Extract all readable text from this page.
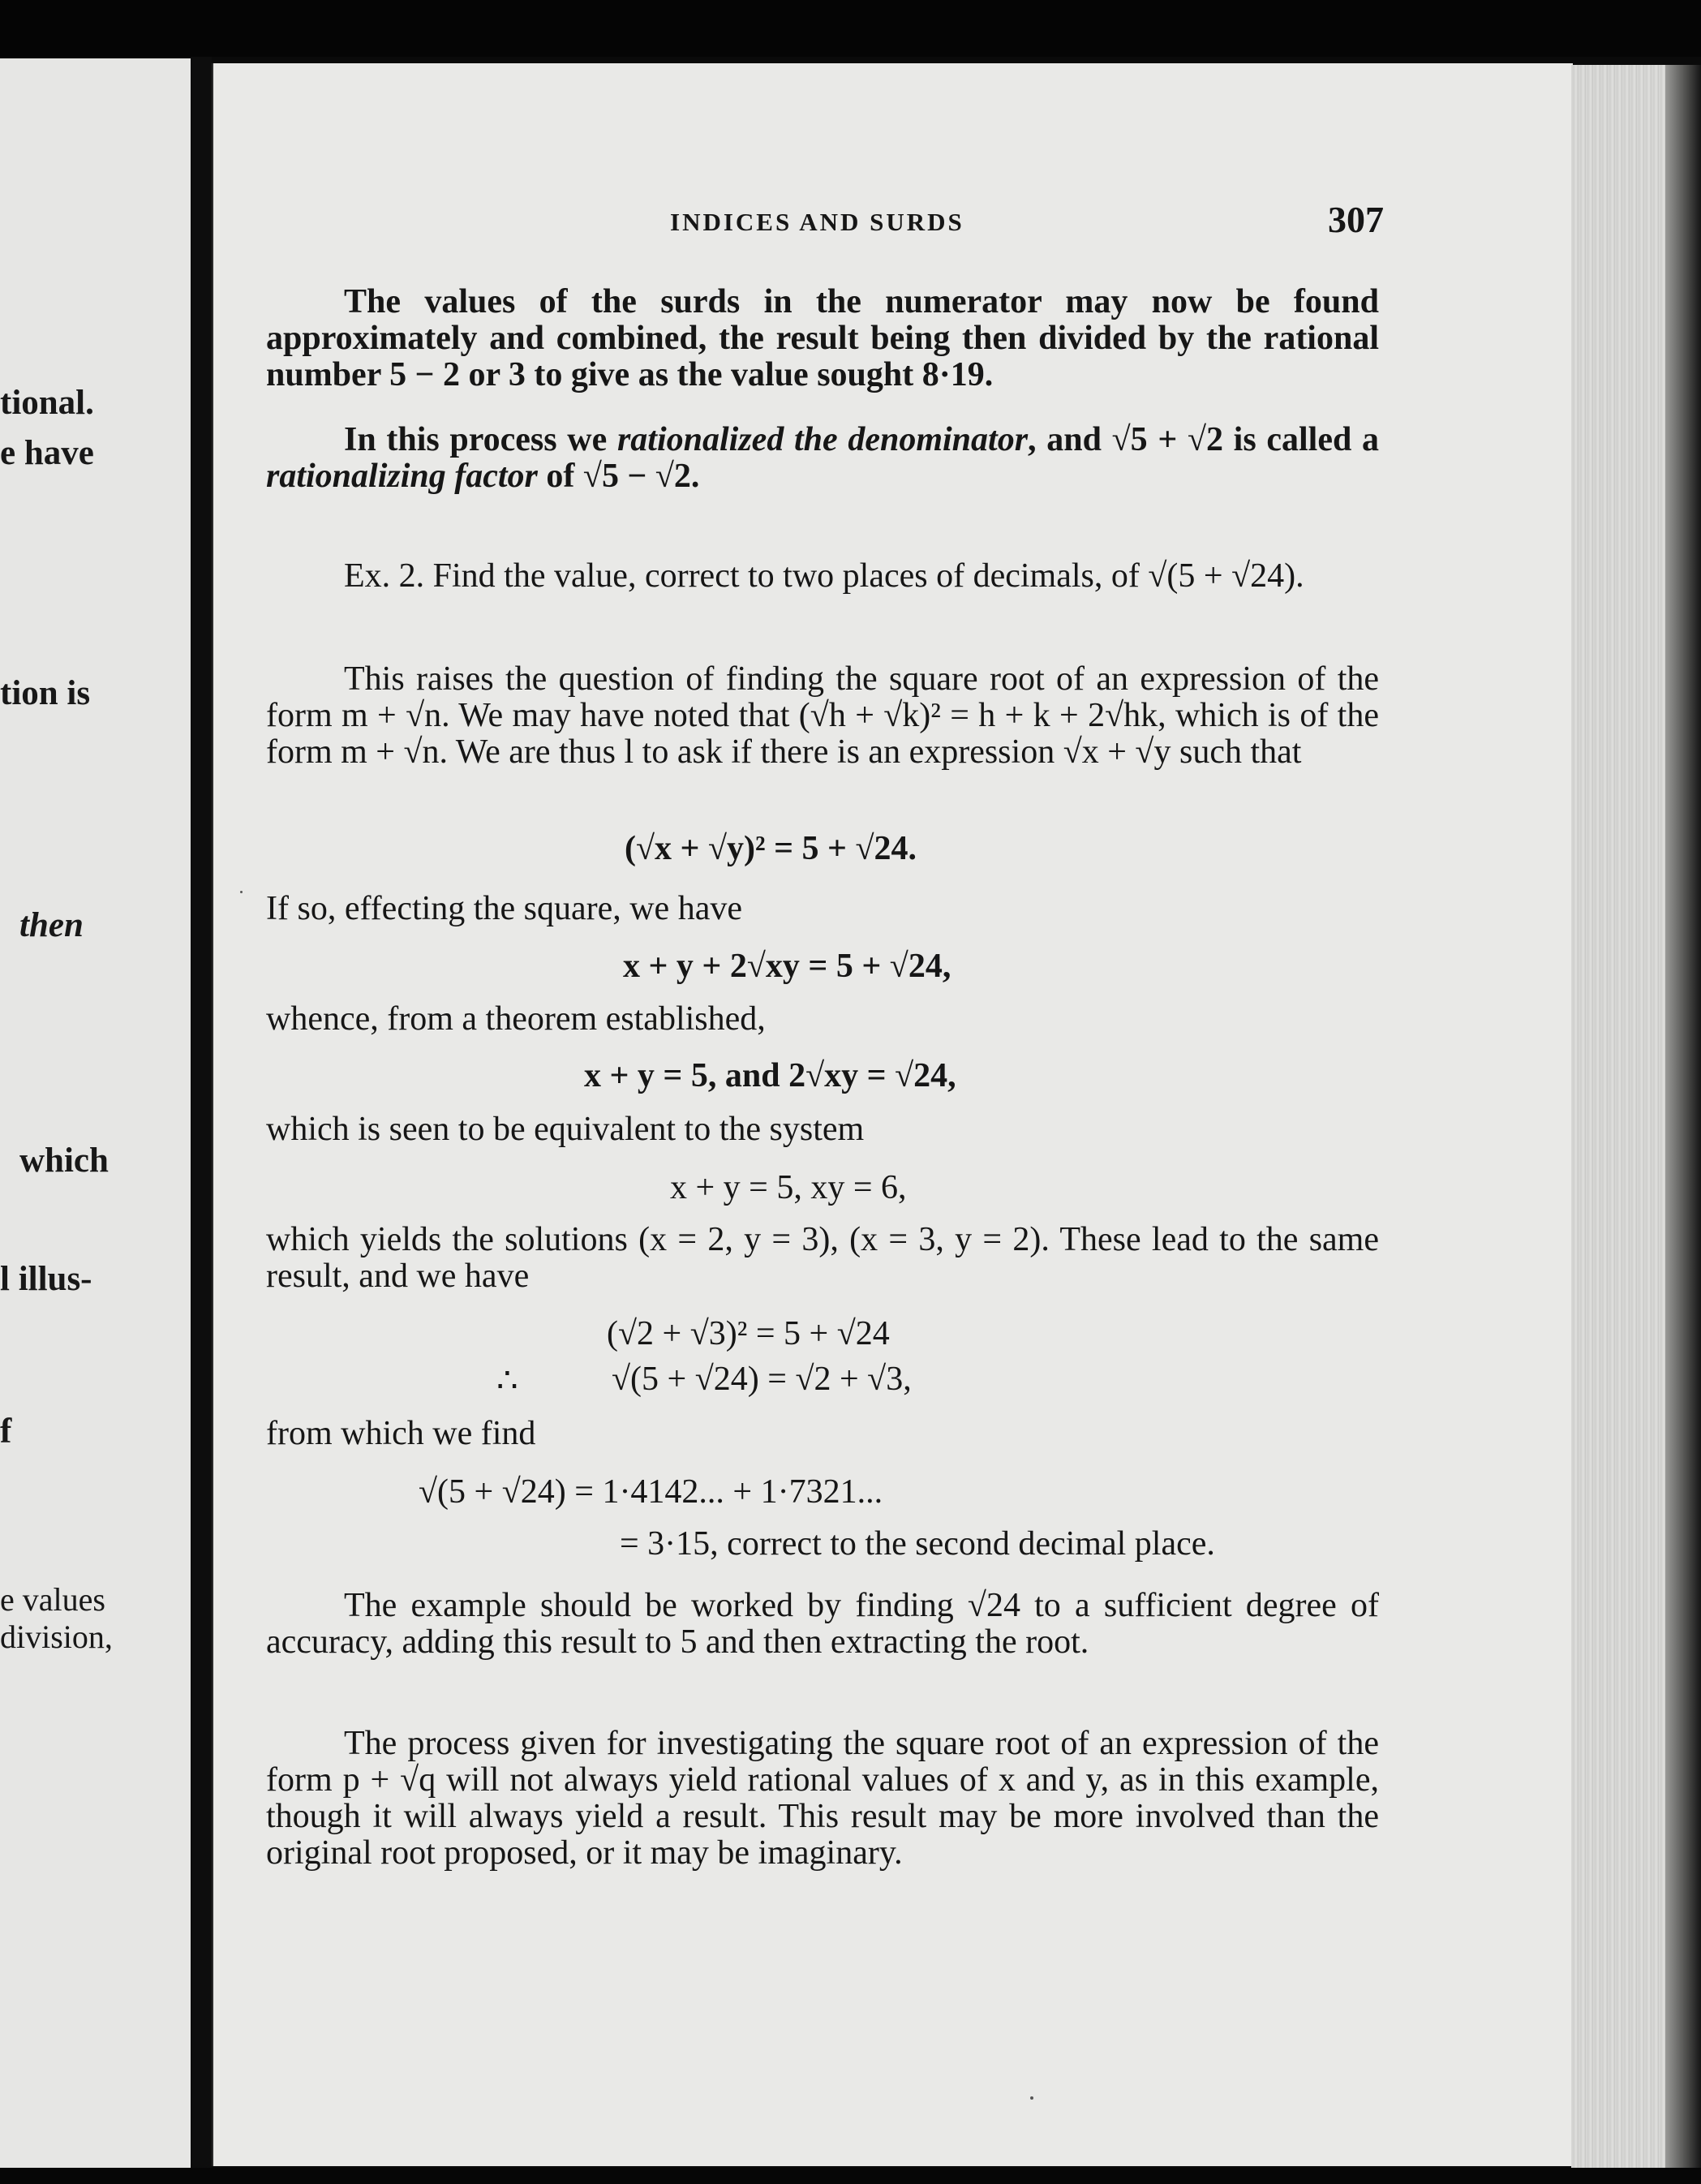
tional.
e have
tion is
then
which
l illus-
f
e values
division,
INDICES AND SURDS	307
The values of the surds in the numerator may now be found approximately and combined, the result being then divided by the rational number 5 − 2 or 3 to give as the value sought 8·19.
In this process we rationalized the denominator, and √5 + √2 is called a rationalizing factor of √5 − √2.
Ex. 2. Find the value, correct to two places of decimals, of √(5 + √24).
This raises the question of finding the square root of an expression of the form m + √n. We may have noted that (√h + √k)² = h + k + 2√hk, which is of the form m + √n. We are thus l to ask if there is an expression √x + √y such that
(√x + √y)² = 5 + √24.
If so, effecting the square, we have
x + y + 2√xy = 5 + √24,
whence, from a theorem established,
x + y = 5, and 2√xy = √24,
which is seen to be equivalent to the system
x + y = 5, xy = 6,
which yields the solutions (x = 2, y = 3), (x = 3, y = 2). These lead to the same result, and we have
(√2 + √3)² = 5 + √24
∴	√(5 + √24) = √2 + √3,
from which we find
√(5 + √24) = 1·4142... + 1·7321...
= 3·15, correct to the second decimal place.
The example should be worked by finding √24 to a sufficient degree of accuracy, adding this result to 5 and then extracting the root.
The process given for investigating the square root of an expression of the form p + √q will not always yield rational values of x and y, as in this example, though it will always yield a result. This result may be more involved than the original root proposed, or it may be imaginary.
